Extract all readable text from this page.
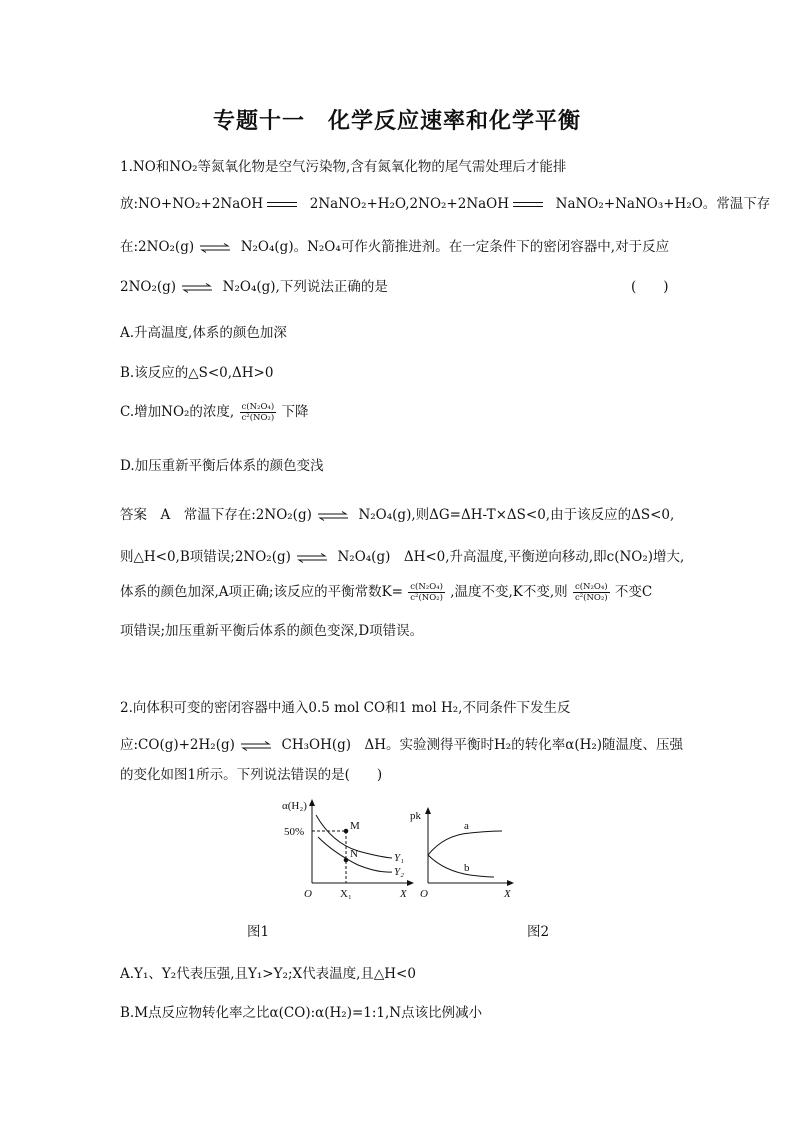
专题十一　化学反应速率和化学平衡
1.NO和NO₂等氮氧化物是空气污染物,含有氮氧化物的尾气需处理后才能排
放:NO+NO₂+2NaOH	2NaNO₂+H₂O,2NO₂+2NaOH	NaNO₂+NaNO₃+H₂O。常温下存
在:2NO₂(g) ⇌ N₂O₄(g)。N₂O₄可作火箭推进剂。在一定条件下的密闭容器中,对于反应
2NO₂(g) ⇌ N₂O₄(g),下列说法正确的是	(　　)
A.升高温度,体系的颜色加深
B.该反应的△S<0,ΔH>0
C.增加NO₂的浓度, $\frac{\text{c(N₂O₄)}}{\text{c²(NO₂)}}$ 下降
D.加压重新平衡后体系的颜色变浅
答案　A　常温下存在:2NO₂(g) ⇌ N₂O₄(g),则ΔG=ΔH-T×ΔS<0,由于该反应的ΔS<0,
则△H<0,B项错误;2NO₂(g) ⇌ N₂O₄(g)　ΔH<0,升高温度,平衡逆向移动,即c(NO₂)增大,
体系的颜色加深,A项正确;该反应的平衡常数$K= \frac{\text{c(N₂O₄)}}{\text{c²(NO₂)}}$ ,温度不变,K不变,则 $\frac{\text{c(N₂O₄)}}{\text{c²(NO₂)}}$ 不变C
项错误;加压重新平衡后体系的颜色变深,D项错误。
2.向体积可变的密闭容器中通入0.5 mol CO和1 mol H₂,不同条件下发生反
应:CO(g)+2H₂(g) ⇌ CH₃OH(g)　ΔH。实验测得平衡时H₂的转化率α(H₂)随温度、压强
的变化如图1所示。下列说法错误的是(　　)
α(H₂)
50%	M
N	Y₁
Y₂
O	X₁	X
pk
a
b
O	X
图1	图2
A.Y₁、Y₂代表压强,且Y₁>Y₂;X代表温度,且△H<0
B.M点反应物转化率之比α(CO):α(H₂)=1:1,N点该比例减小
